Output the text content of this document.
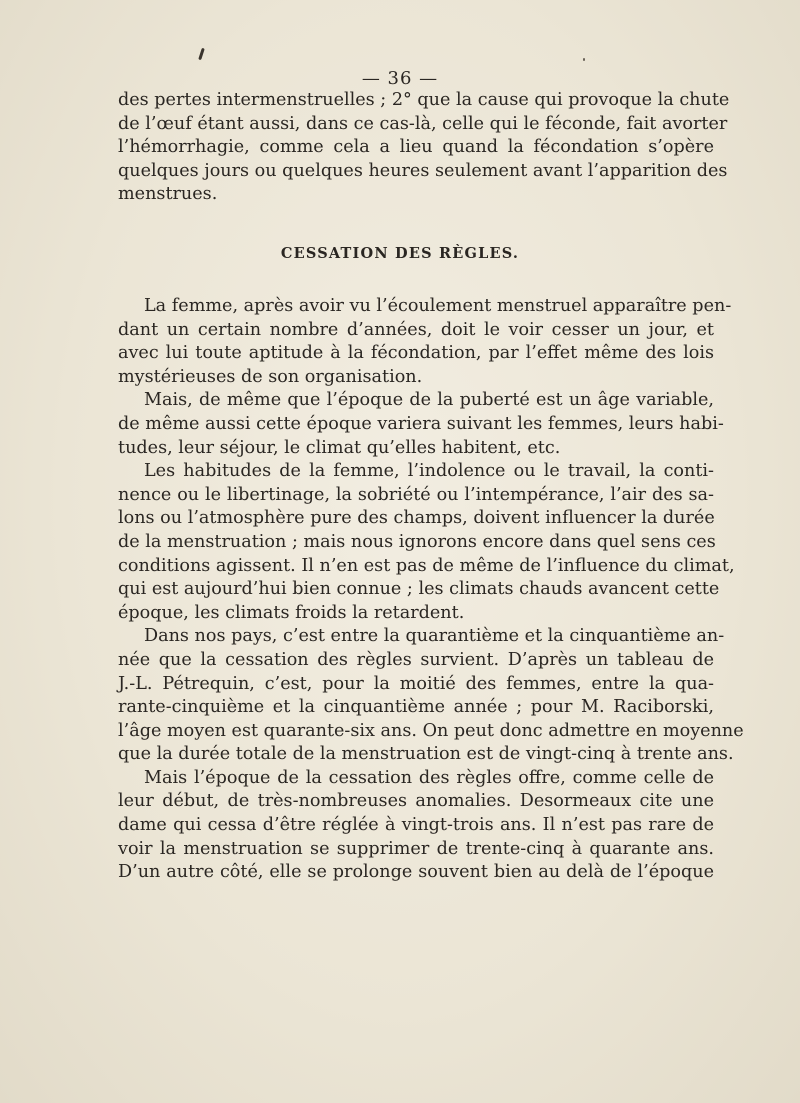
— 36 —
des pertes intermenstruelles ; 2° que la cause qui provoque la chute
de l’œuf étant aussi, dans ce cas-là, celle qui le féconde, fait avorter
l’hémorrhagie, comme cela a lieu quand la fécondation s’opère
quelques jours ou quelques heures seulement avant l’apparition des
menstrues.
CESSATION DES RÈGLES.
La femme, après avoir vu l’écoulement menstruel apparaître pen-
dant un certain nombre d’années, doit le voir cesser un jour, et
avec lui toute aptitude à la fécondation, par l’effet même des lois
mystérieuses de son organisation.
Mais, de même que l’époque de la puberté est un âge variable,
de même aussi cette époque variera suivant les femmes, leurs habi-
tudes, leur séjour, le climat qu’elles habitent, etc.
Les habitudes de la femme, l’indolence ou le travail, la conti-
nence ou le libertinage, la sobriété ou l’intempérance, l’air des sa-
lons ou l’atmosphère pure des champs, doivent influencer la durée
de la menstruation ; mais nous ignorons encore dans quel sens ces
conditions agissent. Il n’en est pas de même de l’influence du climat,
qui est aujourd’hui bien connue ; les climats chauds avancent cette
époque, les climats froids la retardent.
Dans nos pays, c’est entre la quarantième et la cinquantième an-
née que la cessation des règles survient. D’après un tableau de
J.-L. Pétrequin, c’est, pour la moitié des femmes, entre la qua-
rante-cinquième et la cinquantième année ; pour M. Raciborski,
l’âge moyen est quarante-six ans. On peut donc admettre en moyenne
que la durée totale de la menstruation est de vingt-cinq à trente ans.
Mais l’époque de la cessation des règles offre, comme celle de
leur début, de très-nombreuses anomalies. Desormeaux cite une
dame qui cessa d’être réglée à vingt-trois ans. Il n’est pas rare de
voir la menstruation se supprimer de trente-cinq à quarante ans.
D’un autre côté, elle se prolonge souvent bien au delà de l’époque
